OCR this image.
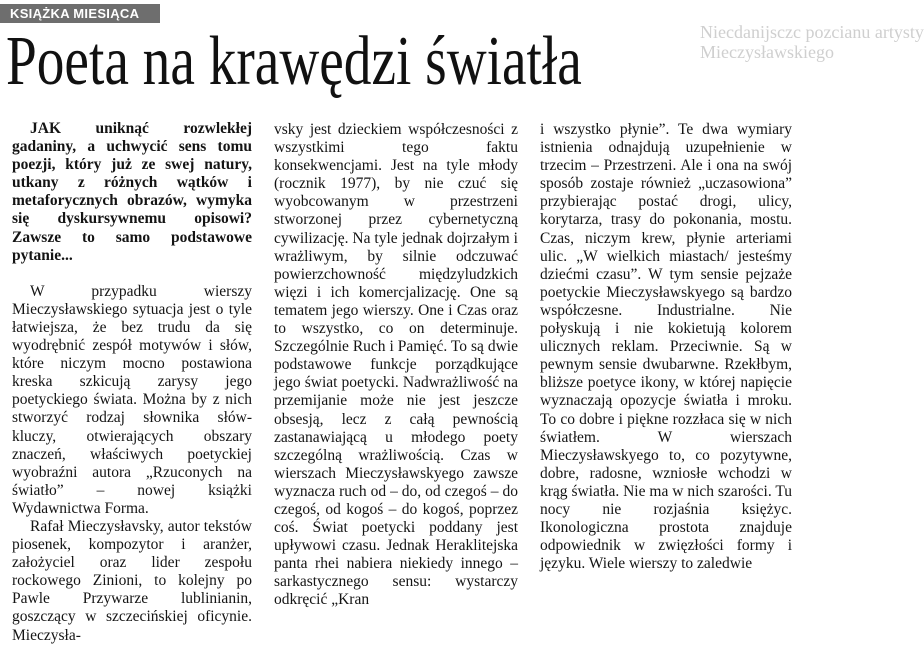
KSIĄŻKA MIESIĄCA
Niecdanijsczc pozcianu artysty
Mieczysławskiego
Poeta na krawędzi światła

JAK uniknąć rozwlekłej gadaniny, a uchwycić sens tomu poezji, który już ze swej natury, utkany z różnych wątków i metaforycznych obrazów, wymyka się dyskursywnemu opisowi? Zawsze to samo podstawowe pytanie...

W przypadku wierszy Mieczysławskiego sytuacja jest o tyle łatwiejsza, że bez trudu da się wyodrębnić zespół motywów i słów, które niczym mocno postawiona kreska szkicują zarysy jego poetyckiego świata. Można by z nich stworzyć rodzaj słownika słów-kluczy, otwierających obszary znaczeń, właściwych poetyckiej wyobraźni autora „Rzuconych na światło” – nowej książki Wydawnictwa Forma.

Rafał Mieczysłavsky, autor tekstów piosenek, kompozytor i aranżer, założyciel oraz lider zespołu rockowego Zinioni, to kolejny po Pawle Przywarze lublinianin, goszczący w szczecińskiej oficynie. Mieczysła-

vsky jest dzieckiem współczesności z wszystkimi tego faktu konsekwencjami. Jest na tyle młody (rocznik 1977), by nie czuć się wyobcowanym w przestrzeni stworzonej przez cybernetyczną cywilizację. Na tyle jednak dojrzałym i wrażliwym, by silnie odczuwać powierzchowność międzyludzkich więzi i ich komercjalizację. One są tematem jego wierszy. One i Czas oraz to wszystko, co on determinuje. Szczególnie Ruch i Pamięć. To są dwie podstawowe funkcje porządkujące jego świat poetycki. Nadwrażliwość na przemijanie może nie jest jeszcze obsesją, lecz z całą pewnością zastanawiającą u młodego poety szczególną wrażliwością. Czas w wierszach Mieczysławskyego zawsze wyznacza ruch od – do, od czegoś – do czegoś, od kogoś – do kogoś, poprzez coś. Świat poetycki poddany jest upływowi czasu. Jednak Heraklitejska panta rhei nabiera niekiedy innego – sarkastycznego sensu: wystarczy odkręcić „Kran

i wszystko płynie”. Te dwa wymiary istnienia odnajdują uzupełnienie w trzecim – Przestrzeni. Ale i ona na swój sposób zostaje również „uczasowiona” przybierając postać drogi, ulicy, korytarza, trasy do pokonania, mostu. Czas, niczym krew, płynie arteriami ulic. „W wielkich miastach/ jesteśmy dziećmi czasu”. W tym sensie pejzaże poetyckie Mieczysławskyego są bardzo współczesne. Industrialne. Nie połyskują i nie kokietują kolorem ulicznych reklam. Przeciwnie. Są w pewnym sensie dwubarwne. Rzekłbym, bliższe poetyce ikony, w której napięcie wyznaczają opozycje światła i mroku. To co dobre i piękne rozzłaca się w nich światłem. W wierszach Mieczysławskyego to, co pozytywne, dobre, radosne, wzniosłe wchodzi w krąg światła. Nie ma w nich szarości. Tu nocy nie rozjaśnia księżyc. Ikonologiczna prostota znajduje odpowiednik w zwięzłości formy i języku. Wiele wierszy to zaledwie
